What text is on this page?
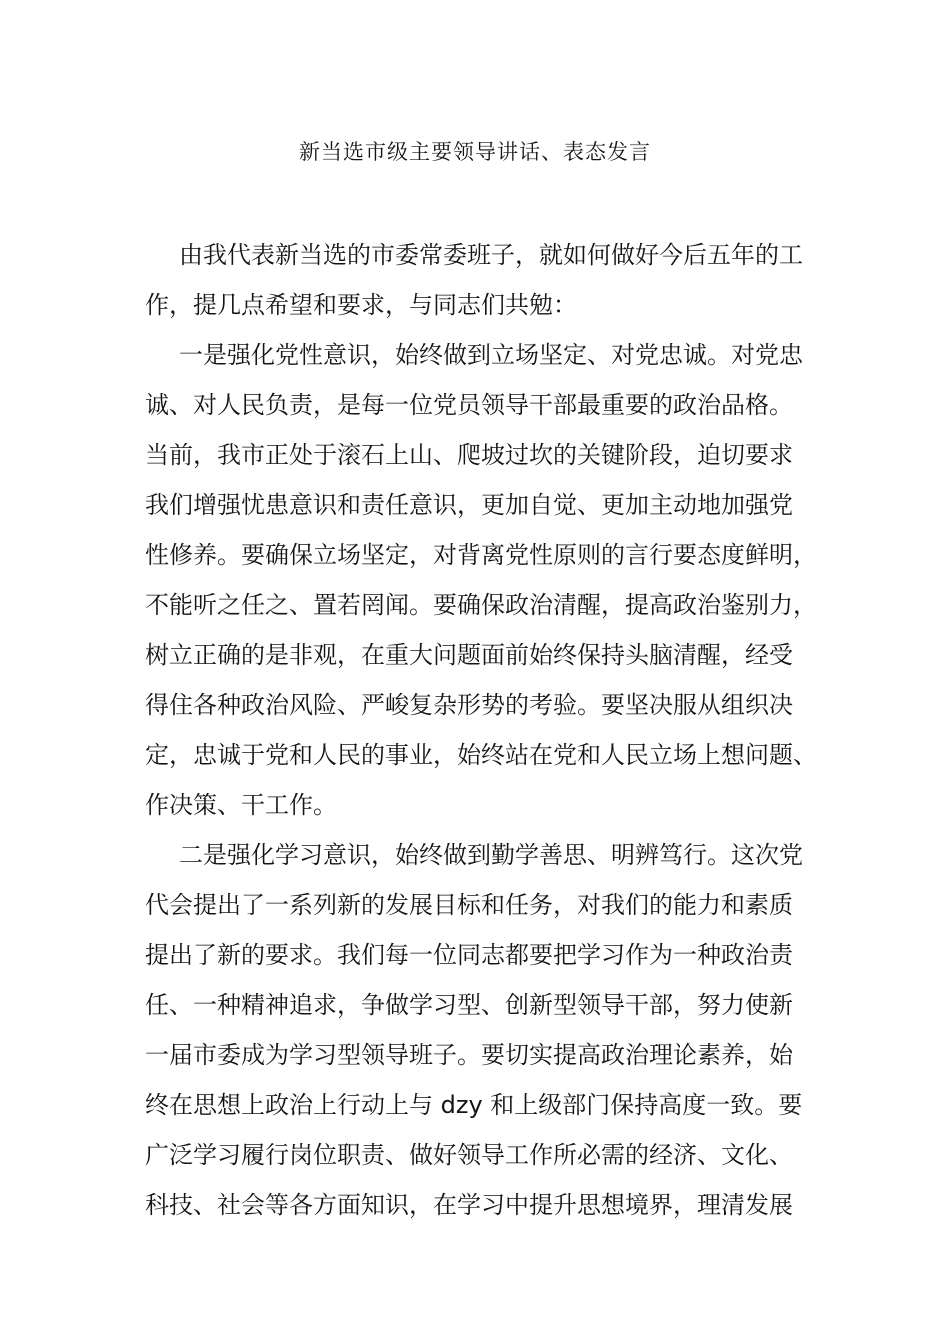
新当选市级主要领导讲话、表态发言
由我代表新当选的市委常委班子，就如何做好今后五年的工
作，提几点希望和要求，与同志们共勉：
一是强化党性意识，始终做到立场坚定、对党忠诚。对党忠
诚、对人民负责，是每一位党员领导干部最重要的政治品格。
当前，我市正处于滚石上山、爬坡过坎的关键阶段，迫切要求
我们增强忧患意识和责任意识，更加自觉、更加主动地加强党
性修养。要确保立场坚定，对背离党性原则的言行要态度鲜明，
不能听之任之、置若罔闻。要确保政治清醒，提高政治鉴别力，
树立正确的是非观，在重大问题面前始终保持头脑清醒，经受
得住各种政治风险、严峻复杂形势的考验。要坚决服从组织决
定，忠诚于党和人民的事业，始终站在党和人民立场上想问题、
作决策、干工作。
二是强化学习意识，始终做到勤学善思、明辨笃行。这次党
代会提出了一系列新的发展目标和任务，对我们的能力和素质
提出了新的要求。我们每一位同志都要把学习作为一种政治责
任、一种精神追求，争做学习型、创新型领导干部，努力使新
一届市委成为学习型领导班子。要切实提高政治理论素养，始
终在思想上政治上行动上与 dzy 和上级部门保持高度一致。要
广泛学习履行岗位职责、做好领导工作所必需的经济、文化、
科技、社会等各方面知识，在学习中提升思想境界，理清发展
